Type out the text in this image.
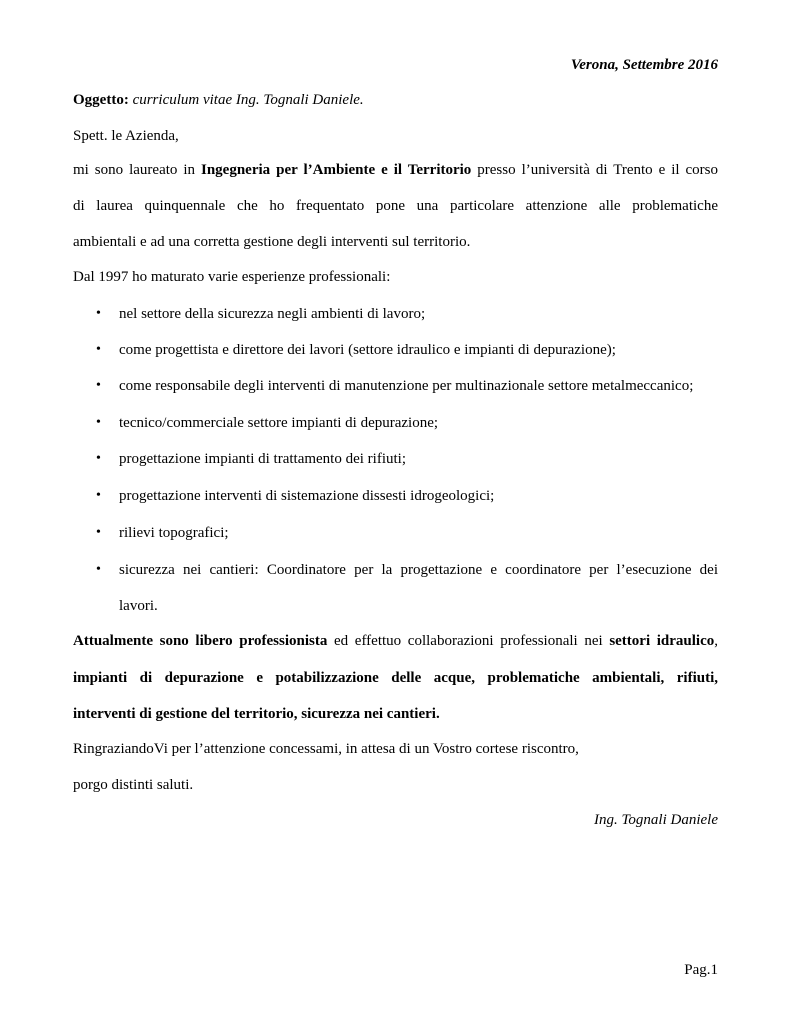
Verona, Settembre 2016
Oggetto: curriculum vitae Ing. Tognali Daniele.
Spett. le Azienda,
mi sono laureato in Ingegneria per l’Ambiente e il Territorio presso l’università di Trento e il corso
di laurea quinquennale che ho frequentato pone una particolare attenzione alle problematiche
ambientali e ad una corretta gestione degli interventi sul territorio.
Dal 1997 ho maturato varie esperienze professionali:
• nel settore della sicurezza negli ambienti di lavoro;
• come progettista e direttore dei lavori (settore idraulico e impianti di depurazione);
• come responsabile degli interventi di manutenzione per multinazionale settore metalmeccanico;
• tecnico/commerciale settore impianti di depurazione;
• progettazione impianti di trattamento dei rifiuti;
• progettazione interventi di sistemazione dissesti idrogeologici;
• rilievi topografici;
• sicurezza nei cantieri: Coordinatore per la progettazione e coordinatore per l’esecuzione dei
lavori.
Attualmente sono libero professionista ed effettuo collaborazioni professionali nei settori idraulico,
impianti di depurazione e potabilizzazione delle acque, problematiche ambientali, rifiuti,
interventi di gestione del territorio, sicurezza nei cantieri.
RingraziandoVi per l’attenzione concessami, in attesa di un Vostro cortese riscontro,
porgo distinti saluti.
Ing. Tognali Daniele
Pag.1
